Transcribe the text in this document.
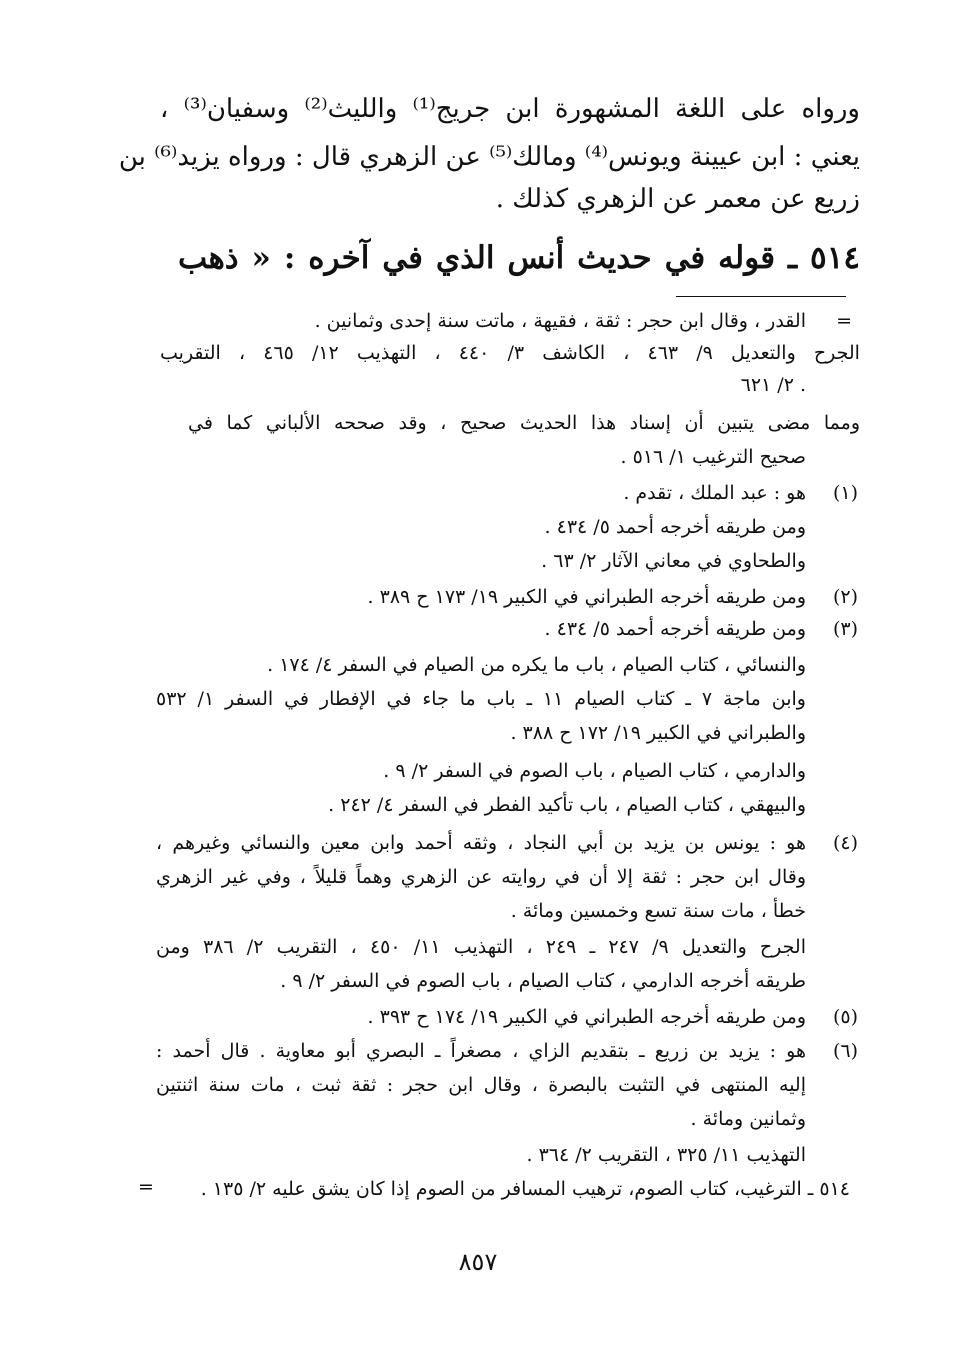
ورواه على اللغة المشهورة ابن جريج⁽¹⁾ والليث⁽²⁾ وسفيان⁽³⁾ ،
يعني : ابن عيينة ويونس⁽⁴⁾ ومالك⁽⁵⁾ عن الزهري قال : ورواه يزيد⁽⁶⁾ بن
زريع عن معمر عن الزهري كذلك .
٥١٤ ـ قوله في حديث أنس الذي في آخره : « ذهب
=
القدر ، وقال ابن حجر : ثقة ، فقيهة ، ماتت سنة إحدى وثمانين .
الجرح والتعديل ٩/ ٤٦٣ ، الكاشف ٣/ ٤٤٠ ، التهذيب ١٢/ ٤٦٥ ، التقريب
٢/ ٦٢١ .
ومما مضى يتبين أن إسناد هذا الحديث صحيح ، وقد صححه الألباني كما في
صحيح الترغيب ١/ ٥١٦ .
(١)
هو : عبد الملك ، تقدم .
ومن طريقه أخرجه أحمد ٥/ ٤٣٤ .
والطحاوي في معاني الآثار ٢/ ٦٣ .
(٢)
ومن طريقه أخرجه الطبراني في الكبير ١٩/ ١٧٣ ح ٣٨٩ .
(٣)
ومن طريقه أخرجه أحمد ٥/ ٤٣٤ .
والنسائي ، كتاب الصيام ، باب ما يكره من الصيام في السفر ٤/ ١٧٤ .
وابن ماجة ٧ ـ كتاب الصيام ١١ ـ باب ما جاء في الإفطار في السفر ١/ ٥٣٢
والطبراني في الكبير ١٩/ ١٧٢ ح ٣٨٨ .
والدارمي ، كتاب الصيام ، باب الصوم في السفر ٢/ ٩ .
والبيهقي ، كتاب الصيام ، باب تأكيد الفطر في السفر ٤/ ٢٤٢ .
(٤)
هو : يونس بن يزيد بن أبي النجاد ، وثقه أحمد وابن معين والنسائي وغيرهم ،
وقال ابن حجر : ثقة إلا أن في روايته عن الزهري وهماً قليلاً ، وفي غير الزهري
خطأ ، مات سنة تسع وخمسين ومائة .
الجرح والتعديل ٩/ ٢٤٧ ـ ٢٤٩ ، التهذيب ١١/ ٤٥٠ ، التقريب ٢/ ٣٨٦ ومن
طريقه أخرجه الدارمي ، كتاب الصيام ، باب الصوم في السفر ٢/ ٩ .
(٥)
ومن طريقه أخرجه الطبراني في الكبير ١٩/ ١٧٤ ح ٣٩٣ .
(٦)
هو : يزيد بن زريع ـ بتقديم الزاي ، مصغراً ـ البصري أبو معاوية . قال أحمد :
إليه المنتهى في التثبت بالبصرة ، وقال ابن حجر : ثقة ثبت ، مات سنة اثنتين
وثمانين ومائة .
التهذيب ١١/ ٣٢٥ ، التقريب ٢/ ٣٦٤ .
٥١٤ ـ الترغيب، كتاب الصوم، ترهيب المسافر من الصوم إذا كان يشق عليه ٢/ ١٣٥ .
=
٨٥٧
